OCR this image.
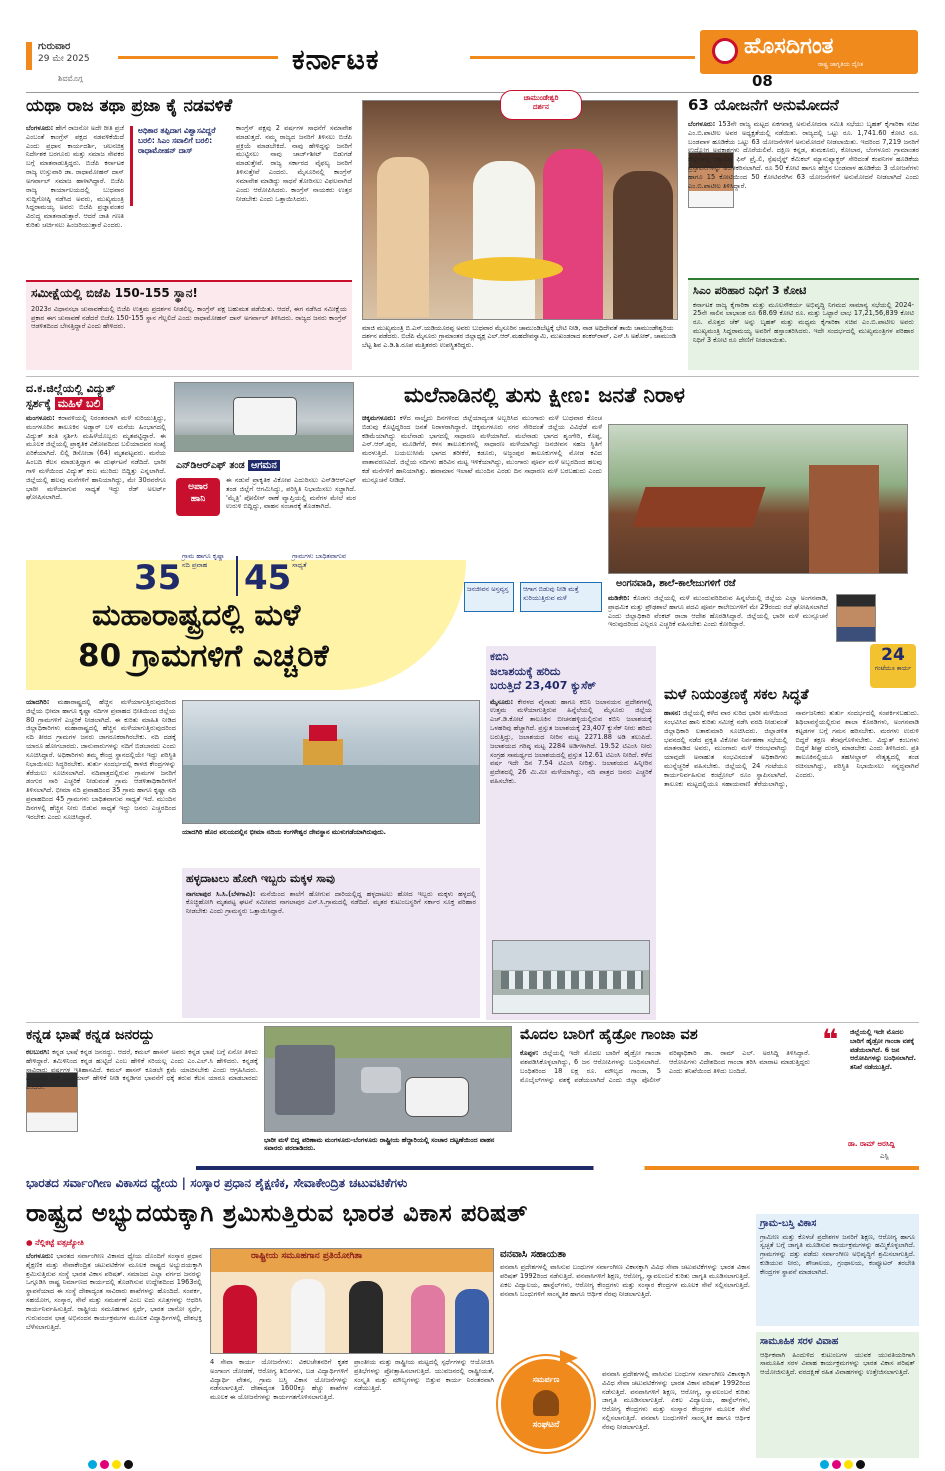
ಗುರುವಾರ
29 ಮೇ 2025
ಶಿವಮೊಗ್ಗ
ಕರ್ನಾಟಕ	ಹೊಸದಿಗಂತ
ರಾಷ್ಟ್ರ ಜಾಗೃತಿಯ ದೈನಿಕ
08
ಯಥಾ ರಾಜ ತಥಾ ಪ್ರಜಾ ಕೈ ನಡವಳಿಕೆ
ಬೆಂಗಳೂರು: ಹೇಗೆ ರಾಜನೋ ಅದೇ ರೀತಿ ಪ್ರಜೆ ಎಂಬಂತೆ ಕಾಂಗ್ರೆಸ್ ಪಕ್ಷದ ನಡವಳಿಕೆಯಿದೆ ಎಂದು ಪ್ರಧಾನ ಕಾರ್ಯದರ್ಶಿ, ಚಲನಚಿತ್ರ ನಿರ್ದೇಶಕ ಬರಗೂರು ಮತ್ತು ಸಮಾಜ ಸೇವಕರ ಬಗ್ಗೆ ಮಾತನಾಡುತ್ತಿದ್ದರು. ಬಿಜೆಪಿ ಕರ್ನಾಟಕ ರಾಜ್ಯ ಉಸ್ತುವಾರಿ ಡಾ. ರಾಧಾಮೋಹನ್ ದಾಸ್ ಅಗರ್ವಾಲ್ ಸಮಾಜ ಹಾಳಾಗಿದ್ದಾರೆ. ಬಿಜೆಪಿ ರಾಜ್ಯ ಕಾರ್ಯಾಲಯದಲ್ಲಿ ಬುಧವಾರ ಸುದ್ದಿಗೋಷ್ಠಿ ನಡೆಸಿದ ಅವರು, ಮುಖ್ಯಮಂತ್ರಿ ಸಿದ್ದರಾಮಯ್ಯ ಅವರು ಬಿಜೆಪಿ ಪ್ರಜ್ಞಾವಂತರ ವಿರುದ್ಧ ಮಾತನಾಡುತ್ತಾರೆ. ಆದರೆ ಜಾತಿ ಗಣತಿ ಕುರಿತು ಚರ್ಚಿಸಲು ಹಿಂಜರಿಯುತ್ತಾರೆ ಎಂದರು.
ಅಧಿಕಾರ ತಪ್ಪಿದಾಗ ವಿಶ್ವಾಸವಿದ್ದರೆ ಬರಲಿ: ಸಿಎಂ ಸವಾಲಿಗೆ ಬರಲಿ: ರಾಧಾಮೋಹನ್ ದಾಸ್
ಕಾಂಗ್ರೆಸ್ ಪಕ್ಷವು 2 ವರ್ಷಗಳ ಸಾಧನೆಗೆ ಸಮಾವೇಶ ಮಾಡುತ್ತದೆ. ನಮ್ಮ ರಾಜ್ಯದ ಜನರಿಗೆ ತಿಳಿಸಲು ಬಿಜೆಪಿ ಪ್ರಕ್ರಿಯೆ ಮಾಡಬೇಕಿದೆ. ನಾವು ಹೇಳಿದ್ದನ್ನು ಜನರಿಗೆ ಮುಟ್ಟಿಸಲು ನಾವು ಚಾರ್ಜ್‌ಶೀಟ್ ಬಿಡುಗಡೆ ಮಾಡುತ್ತೇವೆ. ರಾಜ್ಯ ಸರ್ಕಾರದ ವೈಫಲ್ಯ ಜನರಿಗೆ ತಿಳಿಸುತ್ತೇವೆ ಎಂದರು. ಮೈಸೂರಿನಲ್ಲಿ ಕಾಂಗ್ರೆಸ್ ಸಮಾವೇಶ ಮಾಡಿದ್ದು ಸಾಧನೆ ತೋರಿಸಲು ವಿಫಲವಾಗಿದೆ ಎಂದು ಆರೋಪಿಸಿದರು. ಕಾಂಗ್ರೆಸ್ ನಾಯಕರು ಉತ್ತರ ನೀಡಬೇಕು ಎಂದು ಒತ್ತಾಯಿಸಿದರು.
ಸಮೀಕ್ಷೆಯಲ್ಲಿ ಬಿಜೆಪಿ 150-155 ಸ್ಥಾನ!
2023ರ ವಿಧಾನಸಭಾ ಚುನಾವಣೆಯಲ್ಲಿ ಬಿಜೆಪಿ ಉತ್ತಮ ಪ್ರದರ್ಶನ ನೀಡಲಿಲ್ಲ. ಕಾಂಗ್ರೆಸ್ ಪಕ್ಷ ಬಹುಮತ ಪಡೆಯಿತು. ಆದರೆ, ಈಗ ನಡೆಸಿದ ಸಮೀಕ್ಷೆಯ ಪ್ರಕಾರ ಈಗ ಚುನಾವಣೆ ನಡೆದರೆ ಬಿಜೆಪಿ 150-155 ಸ್ಥಾನ ಗೆಲ್ಲಲಿದೆ ಎಂದು ರಾಧಾಮೋಹನ್ ದಾಸ್ ಅಗರ್ವಾಲ್ ತಿಳಿಸಿದರು. ರಾಜ್ಯದ ಜನರು ಕಾಂಗ್ರೆಸ್ ಆಡಳಿತದಿಂದ ಬೇಸತ್ತಿದ್ದಾರೆ ಎಂದು ಹೇಳಿದರು.
ಚಾಮುಂಡೇಶ್ವರಿ
ದರ್ಶನ
ಮಾಜಿ ಮುಖ್ಯಮಂತ್ರಿ ಬಿ.ಎಸ್.ಯಡಿಯೂರಪ್ಪ ಅವರು ಬುಧವಾರ ಮೈಸೂರಿನ ಚಾಮುಂಡಿಬೆಟ್ಟಕ್ಕೆ ಭೇಟಿ ನೀಡಿ, ನಾಡ ಅಧಿದೇವತೆ ತಾಯಿ ಚಾಮುಂಡೇಶ್ವರಿಯ ದರ್ಶನ ಪಡೆದರು. ಬಿಜೆಪಿ ಮೈಸೂರು ಗ್ರಾಮಾಂತರ ಜಿಲ್ಲಾಧ್ಯಕ್ಷ ಎಲ್.ಆರ್.ಮಹದೇವಸ್ವಾಮಿ, ಮುಖಂಡರಾದ ಶಂಕರ್‌ರಾವ್, ಎನ್.ಸಿ ಅಶೋಕ್, ಚಾಮುಂಡಿ ಬೆಟ್ಟ ಶಿವ ಎ.ಡಿ.ಶಿ.ರೂಪ ಮತ್ತಿತರರು ಉಪಸ್ಥಿತರಿದ್ದರು.
63 ಯೋಜನೆಗೆ ಅನುಮೋದನೆ
ಬೆಂಗಳೂರು: 153ನೇ ರಾಜ್ಯ ಮಟ್ಟದ ಏಕಗವಾಕ್ಷಿ ಅನುಮೋದನಾ ಸಮಿತಿ ಸಭೆಯು ಬೃಹತ್ ಕೈಗಾರಿಕಾ ಸಚಿವ ಎಂ.ಬಿ.ಪಾಟೀಲ ಅವರ ಅಧ್ಯಕ್ಷತೆಯಲ್ಲಿ ನಡೆಯಿತು. ರಾಜ್ಯದಲ್ಲಿ ಒಟ್ಟು ರೂ. 1,741.60 ಕೋಟಿ ರೂ. ಬಂಡವಾಳ ಹೂಡಿಕೆಯ ಒಟ್ಟು 63 ಯೋಜನೆಗಳಿಗೆ ಅನುಮೋದನೆ ನೀಡಲಾಯಿತು. ಇದರಿಂದ 7,219 ಜನರಿಗೆ ಉದ್ಯೋಗ ಅವಕಾಶಗಳು ದೊರೆಯಲಿವೆ. ದಕ್ಷಿಣ ಕನ್ನಡ, ತುಮಕೂರು, ಕೋಲಾರ, ಬೆಂಗಳೂರು ಗ್ರಾಮಾಂತರ ಜಿಲ್ಲೆಗಳಲ್ಲಿ ಆಕ್ಸಾಲಿಸ್ ಫಿನ್ ಪ್ರೈ.ಲಿ, ಸ್ಪೆಷಲೈಸ್ಡ್ ಕೆಮಿಕಲ್ ಮ್ಯಾನುಫ್ಯಾಕ್ಚರ್ ಸೇರಿದಂತೆ ಕಂಪನಿಗಳ ಹೂಡಿಕೆಯ ಪ್ರಸ್ತಾವನೆಗಳನ್ನು ಅಂಗೀಕರಿಸಲಾಗಿದೆ. ರೂ 50 ಕೋಟಿ ಹಾಗೂ ಹೆಚ್ಚಿನ ಬಂಡವಾಳ ಹೂಡಿಕೆಯ 3 ಯೋಜನೆಗಳು ಹಾಗೂ 15 ಕೋಟಿಯಿಂದ 50 ಕೋಟಿವರೆಗಿನ 63 ಯೋಜನೆಗಳಿಗೆ ಅನುಮೋದನೆ ನೀಡಲಾಗಿದೆ ಎಂದು ಎಂ.ಬಿ.ಪಾಟೀಲ ತಿಳಿಸಿದ್ದಾರೆ.
ಸಿಎಂ ಪರಿಹಾರ ನಿಧಿಗೆ 3 ಕೋಟಿ
ಕರ್ನಾಟಕ ರಾಜ್ಯ ಕೈಗಾರಿಕಾ ಮತ್ತು ಮೂಲಸೌಕರ್ಯ ಅಭಿವೃದ್ಧಿ ನಿಗಮದ ಸಾಮಾನ್ಯ ಸಭೆಯಲ್ಲಿ 2024-25ನೇ ಸಾಲಿನ ಲಾಭಾಂಶ ರೂ 68.69 ಕೋಟಿ ರೂ. ಮತ್ತು ಒಟ್ಟಾರೆ ಲಾಭ 17,21,56,839 ಕೋಟಿ ರೂ. ಮೊತ್ತದ ಚೆಕ್ ಅನ್ನು ಬೃಹತ್ ಮತ್ತು ಮಧ್ಯಮ ಕೈಗಾರಿಕಾ ಸಚಿವ ಎಂ.ಬಿ.ಪಾಟೀಲ ಅವರು ಮುಖ್ಯಮಂತ್ರಿ ಸಿದ್ದರಾಮಯ್ಯ ಅವರಿಗೆ ಹಸ್ತಾಂತರಿಸಿದರು. ಇದೇ ಸಂದರ್ಭದಲ್ಲಿ ಮುಖ್ಯಮಂತ್ರಿಗಳ ಪರಿಹಾರ ನಿಧಿಗೆ 3 ಕೋಟಿ ರೂ ದೇಣಿಗೆ ನೀಡಲಾಯಿತು.
ದ.ಕ.ಜಿಲ್ಲೆಯಲ್ಲಿ ವಿದ್ಯುತ್
ಸ್ಪರ್ಶಕ್ಕೆ ಮಹಿಳೆ ಬಲಿ
ಮಂಗಳೂರು: ಕರಾವಳಿಯಲ್ಲಿ ನಿರಂತರವಾಗಿ ಮಳೆ ಸುರಿಯುತ್ತಿದ್ದು, ಮಂಗಳೂರಿನ ತಾಲೂಕಿನ ಅಡ್ಯಾರ್ ಬಳಿ ಮನೆಯ ಹಿಂಭಾಗದಲ್ಲಿ ವಿದ್ಯುತ್ ತಂತಿ ಸ್ಪರ್ಶಿಸಿ ಮಹಿಳೆಯೊಬ್ಬರು ಮೃತಪಟ್ಟಿದ್ದಾರೆ. ಈ ಮೂಲಕ ಜಿಲ್ಲೆಯಲ್ಲಿ ಪ್ರಾಕೃತಿಕ ವಿಕೋಪದಿಂದ ಬಲಿಯಾದವರ ಸಂಖ್ಯೆ ಏರಿಕೆಯಾಗಿದೆ. ಲಿಲ್ಲಿ ಡಿಸೋಜಾ (64) ಮೃತಪಟ್ಟವರು. ಮನೆಯ ಹಿಂಬದಿ ಕೆಲಸ ಮಾಡುತ್ತಿದ್ದಾಗ ಈ ದುರ್ಘಟನೆ ನಡೆದಿದೆ. ಭಾರೀ ಗಾಳಿ ಮಳೆಯಿಂದ ವಿದ್ಯುತ್ ಕಂಬ ಮುರಿದು ಬಿದ್ದಿತ್ತು ಎನ್ನಲಾಗಿದೆ. ಜಿಲ್ಲೆಯಲ್ಲಿ ಹಲವು ಮನೆಗಳಿಗೆ ಹಾನಿಯಾಗಿದ್ದು, ಮೇ 30ರವರೆಗೂ ಭಾರೀ ಮಳೆಯಾಗುವ ಸಾಧ್ಯತೆ ಇದ್ದು ರೆಡ್ ಅಲರ್ಟ್ ಘೋಷಿಸಲಾಗಿದೆ.
ಎನ್‌ಡಿಆರ್‌ಎಫ್ ತಂಡ ಆಗಮನ
ಈ ನಡುವೆ ಪ್ರಾಕೃತಿಕ ವಿಕೋಪ ಎದುರಿಸಲು ಎನ್‌ಡಿಆರ್‌ಎಫ್ ತಂಡ ಜಿಲ್ಲೆಗೆ ಆಗಮಿಸಿದ್ದು, ಪರಿಸ್ಥಿತಿ ನಿಭಾಯಿಸಲು ಸಜ್ಜಾಗಿದೆ. 'ಮೈತ್ರಿ' ಪೋಲೀಸ್ ಠಾಣೆ ವ್ಯಾಪ್ತಿಯಲ್ಲಿ ಮನೆಗಳ ಮೇಲೆ ಮರ ಉರುಳಿ ಬಿದ್ದಿದ್ದು, ವಾಹನ ಸಂಚಾರಕ್ಕೆ ತೊಡಕಾಗಿದೆ.
ಅಪಾರ
ಹಾನಿ
ಮಲೆನಾಡಿನಲ್ಲಿ ತುಸು ಕ್ಷೀಣ: ಜನತೆ ನಿರಾಳ
ಚಿಕ್ಕಮಗಳೂರು: ಕಳೆದ ನಾಲ್ಕೈದು ದಿನಗಳಿಂದ ಜಿಲ್ಲೆಯಾದ್ಯಂತ ಅಬ್ಬರಿಸಿದ ಮುಂಗಾರು ಮಳೆ ಬುಧವಾರ ಕೊಂಚ ಬಿಡುವು ಕೊಟ್ಟಿದ್ದರಿಂದ ಜನತೆ ನಿರಾಳರಾಗಿದ್ದಾರೆ. ಚಿಕ್ಕಮಗಳೂರು ನಗರ ಸೇರಿದಂತೆ ಜಿಲ್ಲೆಯ ವಿವಿಧೆಡೆ ಮಳೆ ಕಡಿಮೆಯಾಗಿದ್ದು ಮಲೆನಾಡು ಭಾಗದಲ್ಲಿ ಸಾಧಾರಣ ಮಳೆಯಾಗಿದೆ. ಮಲೆನಾಡು ಭಾಗದ ಶೃಂಗೇರಿ, ಕೊಪ್ಪ, ಎನ್.ಆರ್.ಪುರ, ಮೂಡಿಗೆರೆ, ಕಳಸ ತಾಲೂಕುಗಳಲ್ಲಿ ಸಾಧಾರಣ ಮಳೆಯಾಗಿದ್ದು ಜನಜೀವನ ಸಹಜ ಸ್ಥಿತಿಗೆ ಮರಳುತ್ತಿದೆ. ಬಯಲುಸೀಮೆ ಭಾಗದ ತರೀಕೆರೆ, ಕಡೂರು, ಅಜ್ಜಂಪುರ ತಾಲೂಕುಗಳಲ್ಲಿ ಮೋಡ ಕವಿದ ವಾತಾವರಣವಿದೆ. ಜಿಲ್ಲೆಯ ನದಿಗಳು ಹರಿವಿನ ಮಟ್ಟ ಇಳಿಕೆಯಾಗಿದ್ದು, ಮುಂಗಾರು ಪೂರ್ವ ಮಳೆ ಅಬ್ಬರದಿಂದ ಹಲವು ಕಡೆ ಮನೆಗಳಿಗೆ ಹಾನಿಯಾಗಿತ್ತು. ಹವಾಮಾನ ಇಲಾಖೆ ಮುಂದಿನ ಎರಡು ದಿನ ಸಾಧಾರಣ ಮಳೆ ಬರಬಹುದು ಎಂದು ಮುನ್ಸೂಚನೆ ನೀಡಿದೆ.
ಅಂಗನವಾಡಿ, ಶಾಲೆ-ಕಾಲೇಜುಗಳಿಗೆ ರಜೆ
ಜನಜೀವನ ಅಸ್ತವ್ಯಸ್ತ	ಆಗಾಗ ಬಿಡುವು ನೀಡಿ ಮತ್ತೆ ಸುರಿಯುತ್ತಿರುವ ಮಳೆ	ಮಡಿಕೇರಿ: ಕೊಡಗು ಜಿಲ್ಲೆಯಲ್ಲಿ ಮಳೆ ಮುಂದುವರಿದಿರುವ ಹಿನ್ನಲೆಯಲ್ಲಿ ಜಿಲ್ಲೆಯ ಎಲ್ಲಾ ಅಂಗನವಾಡಿ, ಪ್ರಾಥಮಿಕ ಮತ್ತು ಪ್ರೌಢಶಾಲೆ ಹಾಗೂ ಪದವಿ ಪೂರ್ವ ಕಾಲೇಜುಗಳಿಗೆ ಮೇ 29ರಂದು ರಜೆ ಘೋಷಿಸಲಾಗಿದೆ ಎಂದು ಜಿಲ್ಲಾಧಿಕಾರಿ ವೆಂಕಟ್ ರಾಜಾ ಆದೇಶ ಹೊರಡಿಸಿದ್ದಾರೆ. ಜಿಲ್ಲೆಯಲ್ಲಿ ಭಾರೀ ಮಳೆ ಮುನ್ಸೂಚನೆ ಇರುವುದರಿಂದ ಎಲ್ಲರೂ ಎಚ್ಚರಿಕೆ ವಹಿಸಬೇಕು ಎಂದು ಕೋರಿದ್ದಾರೆ.
24
ಗಂಟೆಯೂ ಕಾರ್ಯ
35
ಗ್ರಾಮ ಹಾಗೂ ಕೃಷ್ಣಾ ನದಿ ಪ್ರವಾಹ	45
ಗ್ರಾಮಗಳು ಬಾಧಿತವಾಗುವ ಸಾಧ್ಯತೆ
ಮಹಾರಾಷ್ಟ್ರದಲ್ಲಿ ಮಳೆ
80 ಗ್ರಾಮಗಳಿಗೆ ಎಚ್ಚರಿಕೆ
ಯಾದಗಿರಿ: ಮಹಾರಾಷ್ಟ್ರದಲ್ಲಿ ಹೆಚ್ಚಿನ ಮಳೆಯಾಗುತ್ತಿರುವುದರಿಂದ ಜಿಲ್ಲೆಯ ಭೀಮಾ ಹಾಗೂ ಕೃಷ್ಣಾ ನದಿಗಳ ಪ್ರವಾಹದ ಭೀತಿಯಿಂದ ಜಿಲ್ಲೆಯ 80 ಗ್ರಾಮಗಳಿಗೆ ಎಚ್ಚರಿಕೆ ನೀಡಲಾಗಿದೆ. ಈ ಕುರಿತು ಮಾಹಿತಿ ನೀಡಿದ ಜಿಲ್ಲಾಧಿಕಾರಿಗಳು ಮಹಾರಾಷ್ಟ್ರದಲ್ಲಿ ಹೆಚ್ಚಿನ ಮಳೆಯಾಗುತ್ತಿರುವುದರಿಂದ ನದಿ ತೀರದ ಗ್ರಾಮಗಳ ಜನರು ಜಾಗರೂಕರಾಗಿರಬೇಕು. ನದಿ ದಡಕ್ಕೆ ಯಾರೂ ಹೋಗಬಾರದು. ಜಾನುವಾರುಗಳನ್ನು ನದಿಗೆ ಬಿಡಬಾರದು ಎಂದು ಸೂಚಿಸಿದ್ದಾರೆ. ಅಧಿಕಾರಿಗಳು ತಮ್ಮ ಕೇಂದ್ರ ಸ್ಥಾನದಲ್ಲಿಯೇ ಇದ್ದು ಪರಿಸ್ಥಿತಿ ನಿಭಾಯಿಸಲು ಸಿದ್ಧರಿರಬೇಕು. ತುರ್ತು ಸಂದರ್ಭದಲ್ಲಿ ಕಾಳಜಿ ಕೇಂದ್ರಗಳನ್ನು ತೆರೆಯಲು ಸೂಚಿಸಲಾಗಿದೆ. ನದಿಪಾತ್ರದಲ್ಲಿರುವ ಗ್ರಾಮಗಳ ಜನರಿಗೆ ಡಂಗುರ ಸಾರಿ ಎಚ್ಚರಿಕೆ ನೀಡುವಂತೆ ಗ್ರಾಮ ಆಡಳಿತಾಧಿಕಾರಿಗಳಿಗೆ ತಿಳಿಸಲಾಗಿದೆ. ಭೀಮಾ ನದಿ ಪ್ರವಾಹದಿಂದ 35 ಗ್ರಾಮ ಹಾಗೂ ಕೃಷ್ಣಾ ನದಿ ಪ್ರವಾಹದಿಂದ 45 ಗ್ರಾಮಗಳು ಬಾಧಿತವಾಗುವ ಸಾಧ್ಯತೆ ಇದೆ. ಮುಂದಿನ ದಿನಗಳಲ್ಲಿ ಹೆಚ್ಚಿನ ನೀರು ಬಿಡುವ ಸಾಧ್ಯತೆ ಇದ್ದು ಜನರು ಎಚ್ಚರದಿಂದ ಇರಬೇಕು ಎಂದು ಸೂಚಿಸಿದ್ದಾರೆ.
ಯಾದಗಿರಿ ಹೊರ ವಲಯದಲ್ಲಿನ ಭೀಮಾ ನದಿಯ ಕಂಗಳೇಶ್ವರ ದೇವಸ್ಥಾನ ಮುಳುಗಡೆಯಾಗಿರುವುದು.
ಹಳ್ಳದಾಟಲು ಹೋಗಿ ಇಬ್ಬರು ಮಕ್ಕಳ ಸಾವು
ನಾಗಲಾಪುರ ಸಿ.ಸಿ.(ಬೆಳಗಾವಿ): ಮನೆಯಿಂದ ಶಾಲೆಗೆ ಹೋಗುವ ದಾರಿಯಲ್ಲಿದ್ದ ಹಳ್ಳದಾಟಲು ಹೋದ ಇಬ್ಬರು ಮಕ್ಕಳು ಹಳ್ಳದಲ್ಲಿ ಕೊಚ್ಚಿಹೋಗಿ ಮೃತಪಟ್ಟ ಘಟನೆ ಸಮೀಪದ ನಾಗಲಾಪುರ ಎಸ್.ಸಿ.ಗ್ರಾಮದಲ್ಲಿ ನಡೆದಿದೆ. ಮೃತರ ಕುಟುಂಬಸ್ಥರಿಗೆ ಸರ್ಕಾರ ಸೂಕ್ತ ಪರಿಹಾರ ನೀಡಬೇಕು ಎಂದು ಗ್ರಾಮಸ್ಥರು ಒತ್ತಾಯಿಸಿದ್ದಾರೆ.
ಕಬಿನಿ
ಜಲಾಶಯಕ್ಕೆ ಹರಿದು
ಬರುತ್ತಿದೆ 23,407 ಕ್ಯುಸೆಕ್
ಮೈಸೂರು: ಕೇರಳದ ವೈನಾಡು ಹಾಗೂ ಕಬಿನಿ ಜಲಾನಯನ ಪ್ರದೇಶಗಳಲ್ಲಿ ಉತ್ತಮ ಮಳೆಯಾಗುತ್ತಿರುವ ಹಿನ್ನೆಲೆಯಲ್ಲಿ ಮೈಸೂರು ಜಿಲ್ಲೆಯ ಎಚ್.ಡಿ.ಕೋಟೆ ತಾಲೂಕಿನ ಬೀಚನಹಳ್ಳಿಯಲ್ಲಿರುವ ಕಬಿನಿ ಜಲಾಶಯಕ್ಕೆ ಒಳಹರಿವು ಹೆಚ್ಚಾಗಿದೆ. ಪ್ರಸ್ತುತ ಜಲಾಶಯಕ್ಕೆ 23,407 ಕ್ಯುಸೆಕ್ ನೀರು ಹರಿದು ಬರುತ್ತಿದ್ದು, ಜಲಾಶಯದ ನೀರಿನ ಮಟ್ಟ 2271.88 ಅಡಿ ತಲುಪಿದೆ. ಜಲಾಶಯದ ಗರಿಷ್ಠ ಮಟ್ಟ 2284 ಅಡಿಗಳಾಗಿದೆ. 19.52 ಟಿಎಂಸಿ ನೀರು ಸಂಗ್ರಹ ಸಾಮರ್ಥ್ಯದ ಜಲಾಶಯದಲ್ಲಿ ಪ್ರಸ್ತುತ 12.61 ಟಿಎಂಸಿ ನೀರಿದೆ. ಕಳೆದ ವರ್ಷ ಇದೇ ದಿನ 7.54 ಟಿಎಂಸಿ ನೀರಿತ್ತು. ಜಲಾಶಯದ ಹಿನ್ನೀರಿನ ಪ್ರದೇಶದಲ್ಲಿ 26 ಮಿ.ಮೀ ಮಳೆಯಾಗಿದ್ದು, ನದಿ ಪಾತ್ರದ ಜನರು ಎಚ್ಚರಿಕೆ ವಹಿಸಬೇಕು.
ಮಳೆ ನಿಯಂತ್ರಣಕ್ಕೆ ಸಕಲ ಸಿದ್ಧತೆ
ಹಾಸನ: ಜಿಲ್ಲೆಯಲ್ಲಿ ಕಳೆದ ವಾರ ಸುರಿದ ಭಾರೀ ಮಳೆಯಿಂದ ಸಂಭವಿಸಿದ ಹಾನಿ ಕುರಿತು ಸಮೀಕ್ಷೆ ನಡೆಸಿ ವರದಿ ನೀಡುವಂತೆ ಜಿಲ್ಲಾಧಿಕಾರಿ ಲತಾಕುಮಾರಿ ಸೂಚಿಸಿದರು. ಜಿಲ್ಲಾಡಳಿತ ಭವನದಲ್ಲಿ ನಡೆದ ಪ್ರಕೃತಿ ವಿಕೋಪ ನಿರ್ವಹಣಾ ಸಭೆಯಲ್ಲಿ ಮಾತನಾಡಿದ ಅವರು, ಮುಂಗಾರು ಮಳೆ ಆರಂಭವಾಗಿದ್ದು ಯಾವುದೇ ಅನಾಹುತ ಸಂಭವಿಸದಂತೆ ಅಧಿಕಾರಿಗಳು ಮುನ್ನೆಚ್ಚರಿಕೆ ವಹಿಸಬೇಕು. ಜಿಲ್ಲೆಯಲ್ಲಿ 24 ಗಂಟೆಯೂ ಕಾರ್ಯನಿರ್ವಹಿಸುವ ಕಂಟ್ರೋಲ್ ರೂಂ ಸ್ಥಾಪಿಸಲಾಗಿದೆ. ತಾಲೂಕು ಮಟ್ಟದಲ್ಲಿಯೂ ಸಹಾಯವಾಣಿ ತೆರೆಯಲಾಗಿದ್ದು, ಸಾರ್ವಜನಿಕರು ತುರ್ತು ಸಂದರ್ಭದಲ್ಲಿ ಸಂಪರ್ಕಿಸಬಹುದು. ಶಿಥಿಲಾವಸ್ಥೆಯಲ್ಲಿರುವ ಶಾಲಾ ಕೊಠಡಿಗಳು, ಅಂಗನವಾಡಿ ಕಟ್ಟಡಗಳ ಬಗ್ಗೆ ಗಮನ ಹರಿಸಬೇಕು. ಮರಗಳು ಉರುಳಿ ಬಿದ್ದರೆ ತಕ್ಷಣ ತೆರವುಗೊಳಿಸಬೇಕು. ವಿದ್ಯುತ್ ಕಂಬಗಳು ಬಿದ್ದರೆ ಶೀಘ್ರ ದುರಸ್ತಿ ಮಾಡಬೇಕು ಎಂದು ತಿಳಿಸಿದರು. ಪ್ರತಿ ತಾಲೂಕಿನಲ್ಲಿಯೂ ತಹಸೀಲ್ದಾರ್ ನೇತೃತ್ವದಲ್ಲಿ ತಂಡ ರಚಿಸಲಾಗಿದ್ದು, ಪರಿಸ್ಥಿತಿ ನಿಭಾಯಿಸಲು ಸನ್ನದ್ಧವಾಗಿವೆ ಎಂದರು.
ಕನ್ನಡ ಭಾಷೆ ಕನ್ನಡ ಜನರದ್ದು
ಕಲಬುರಗಿ: ಕನ್ನಡ ಭಾಷೆ ಕನ್ನಡ ಜನರದ್ದು. ಆದರೆ, ಕಮಲ್ ಹಾಸನ್ ಅವರು ಕನ್ನಡ ಭಾಷೆ ಬಗ್ಗೆ ಏನೋ ತಿಳಿದು ಹೇಳಿದ್ದಾರೆ. ತಮಿಳಿನಿಂದ ಕನ್ನಡ ಹುಟ್ಟಿದೆ ಎಂಬ ಹೇಳಿಕೆ ಸರಿಯಲ್ಲ ಎಂದು ಎಂ.ಎಲ್.ಸಿ ಹೇಳಿದರು. ಕನ್ನಡಕ್ಕೆ ಸಾವಿರಾರು ವರ್ಷಗಳ ಇತಿಹಾಸವಿದೆ. ಕಮಲ್ ಹಾಸನ್ ಕೂಡಲೇ ಕ್ಷಮೆ ಯಾಚಿಸಬೇಕು ಎಂದು ಆಗ್ರಹಿಸಿದರು. ಎಂಎಲ್‌ಸಿ ಎನ್.ರವಿಕುಮಾರ್ ಹೇಳಿಕೆ ನೀಡಿ ಕನ್ನಡಿಗರ ಭಾವನೆಗೆ ಧಕ್ಕೆ ತರುವ ಕೆಲಸ ಯಾರೂ ಮಾಡಬಾರದು ಎಂದರು.
ಭಾರೀ ಮಳೆ ಬಿದ್ದ ಪರಿಣಾಮ ಮಂಗಳೂರು-ಬೆಂಗಳೂರು ರಾಷ್ಟ್ರೀಯ ಹೆದ್ದಾರಿಯಲ್ಲಿ ಸಂಚಾರ ದಟ್ಟಣೆಯಿಂದ ವಾಹನ ಸವಾರರು ಪರದಾಡಿದರು.
ಮೊದಲ ಬಾರಿಗೆ ಹೈಡ್ರೋ ಗಾಂಜಾ ವಶ
ಕೊಪ್ಪಳ: ಜಿಲ್ಲೆಯಲ್ಲಿ ಇದೇ ಮೊದಲ ಬಾರಿಗೆ ಹೈಡ್ರೋ ಗಾಂಜಾ ವಶಪಡಿಸಿಕೊಳ್ಳಲಾಗಿದ್ದು, 6 ಜನ ಆರೋಪಿಗಳನ್ನು ಬಂಧಿಸಲಾಗಿದೆ. ಬಂಧಿತರಿಂದ 18 ಲಕ್ಷ ರೂ. ಮೌಲ್ಯದ ಗಾಂಜಾ, 5 ಮೊಬೈಲ್‌ಗಳನ್ನು ವಶಕ್ಕೆ ಪಡೆಯಲಾಗಿದೆ ಎಂದು ಜಿಲ್ಲಾ ಪೊಲೀಸ್ ವರಿಷ್ಠಾಧಿಕಾರಿ ಡಾ. ರಾಮ್ ಎಲ್. ಅರಸಿದ್ದಿ ತಿಳಿಸಿದ್ದಾರೆ. ಆರೋಪಿಗಳು ವಿದೇಶದಿಂದ ಗಾಂಜಾ ತರಿಸಿ ಮಾರಾಟ ಮಾಡುತ್ತಿದ್ದರು ಎಂದು ತನಿಖೆಯಿಂದ ತಿಳಿದು ಬಂದಿದೆ.
❝ ಜಿಲ್ಲೆಯಲ್ಲಿ ಇದೇ ಮೊದಲ ಬಾರಿಗೆ ಹೈಡ್ರೋ ಗಾಂಜಾ ವಶಕ್ಕೆ ಪಡೆಯಲಾಗಿದೆ. 6 ಜನ ಆರೋಪಿಗಳನ್ನು ಬಂಧಿಸಲಾಗಿದೆ. ತನಿಖೆ ನಡೆಯುತ್ತಿದೆ.
ಡಾ. ರಾಮ್ ಅರಸಿದ್ದಿ
ಎಸ್ಪಿ
ಭಾರತದ ಸರ್ವಾಂಗೀಣ ವಿಕಾಸದ ಧ್ಯೇಯ | ಸಂಸ್ಕಾರ ಪ್ರಧಾನ ಶೈಕ್ಷಣಿಕ, ಸೇವಾಕೇಂದ್ರಿತ ಚಟುವಟಿಕೆಗಳು
ರಾಷ್ಟ್ರದ ಅಭ್ಯುದಯಕ್ಕಾಗಿ ಶ್ರಮಿಸುತ್ತಿರುವ ಭಾರತ ವಿಕಾಸ ಪರಿಷತ್
● ನೆಲ್ಲಿಕಟ್ಟೆ ವತ್ಸಜ್ಯೋತಿ
ಬೆಂಗಳೂರು: ಭಾರತದ ಸರ್ವಾಂಗೀಣ ವಿಕಾಸದ ಧ್ಯೇಯ ದೊಂದಿಗೆ ಸಂಸ್ಕಾರ ಪ್ರಧಾನ ಶೈಕ್ಷಣಿಕ ಮತ್ತು ಸೇವಾಕೇಂದ್ರಿತ ಚಟುವಟಿಕೆಗಳ ಮೂಲಕ ರಾಷ್ಟ್ರದ ಅಭ್ಯುದಯಕ್ಕಾಗಿ ಶ್ರಮಿಸುತ್ತಿರುವ ಸಂಸ್ಥೆ ಭಾರತ ವಿಕಾಸ ಪರಿಷತ್. ಸಮಾಜದ ಎಲ್ಲಾ ವರ್ಗದ ಜನರನ್ನು ಒಗ್ಗೂಡಿಸಿ ರಾಷ್ಟ್ರ ನಿರ್ಮಾಣದ ಕಾರ್ಯದಲ್ಲಿ ತೊಡಗಿಸುವ ಉದ್ದೇಶದಿಂದ 1963ರಲ್ಲಿ ಸ್ಥಾಪನೆಯಾದ ಈ ಸಂಸ್ಥೆ ದೇಶಾದ್ಯಂತ ಸಾವಿರಾರು ಶಾಖೆಗಳನ್ನು ಹೊಂದಿದೆ. ಸಂಪರ್ಕ, ಸಹಯೋಗ, ಸಂಸ್ಕಾರ, ಸೇವೆ ಮತ್ತು ಸಮರ್ಪಣೆ ಎಂಬ ಐದು ಸೂತ್ರಗಳನ್ನು ಆಧರಿಸಿ ಕಾರ್ಯನಿರ್ವಹಿಸುತ್ತಿದೆ. ರಾಷ್ಟ್ರೀಯ ಸಮೂಹಗಾನ ಸ್ಪರ್ಧೆ, ಭಾರತ ಜಾನೋ ಸ್ಪರ್ಧೆ, ಗುರುವಂದನ ಛಾತ್ರ ಅಭಿನಂದನ ಕಾರ್ಯಕ್ರಮಗಳ ಮೂಲಕ ವಿದ್ಯಾರ್ಥಿಗಳಲ್ಲಿ ದೇಶಭಕ್ತಿ ಬೆಳೆಸಲಾಗುತ್ತಿದೆ.
ರಾಷ್ಟ್ರೀಯ ಸಮೂಹಗಾನ ಪ್ರತಿಯೋಗಿತಾ
4 ಸೇವಾ ಕಾರ್ಯ ಯೋಜನೆಗಳು: ವಿಕಲಚೇತನರಿಗೆ ಕೃತಕ ಅಂಗಾಂಗ ಜೋಡಣೆ, ಆರೋಗ್ಯ ಶಿಬಿರಗಳು, ಬಡ ವಿದ್ಯಾರ್ಥಿಗಳಿಗೆ ವಿದ್ಯಾರ್ಥಿ ವೇತನ, ಗ್ರಾಮ ಬಸ್ತಿ ವಿಕಾಸ ಯೋಜನೆಗಳನ್ನು ನಡೆಸಲಾಗುತ್ತಿದೆ. ದೇಶಾದ್ಯಂತ 1600ಕ್ಕೂ ಹೆಚ್ಚು ಶಾಖೆಗಳ ಮೂಲಕ ಈ ಯೋಜನೆಗಳನ್ನು ಕಾರ್ಯಗತಗೊಳಿಸಲಾಗುತ್ತಿದೆ.
ಪ್ರಾಂತೀಯ ಮತ್ತು ರಾಷ್ಟ್ರೀಯ ಮಟ್ಟದಲ್ಲಿ ಸ್ಪರ್ಧೆಗಳನ್ನು ಆಯೋಜಿಸಿ ಪ್ರತಿಭೆಗಳನ್ನು ಪ್ರೋತ್ಸಾಹಿಸಲಾಗುತ್ತಿದೆ. ಯುವಜನರಲ್ಲಿ ರಾಷ್ಟ್ರೀಯತೆ, ಸಂಸ್ಕೃತಿ ಮತ್ತು ಮೌಲ್ಯಗಳನ್ನು ಬಿತ್ತುವ ಕಾರ್ಯ ನಿರಂತರವಾಗಿ ನಡೆಯುತ್ತಿದೆ.
ಸಮರ್ಪಣ
ಸಂಘಟನೆ
ವನವಾಸಿ ಸಹಾಯತಾ
ವನವಾಸಿ ಪ್ರದೇಶಗಳಲ್ಲಿ ವಾಸಿಸುವ ಬಂಧುಗಳ ಸರ್ವಾಂಗೀಣ ವಿಕಾಸಕ್ಕಾಗಿ ವಿವಿಧ ಸೇವಾ ಚಟುವಟಿಕೆಗಳನ್ನು ಭಾರತ ವಿಕಾಸ ಪರಿಷತ್ 1992ರಿಂದ ನಡೆಸುತ್ತಿದೆ. ವನವಾಸಿಗಳಿಗೆ ಶಿಕ್ಷಣ, ಆರೋಗ್ಯ, ಸ್ವಾವಲಂಬನೆ ಕುರಿತು ಜಾಗೃತಿ ಮೂಡಿಸಲಾಗುತ್ತಿದೆ. ಏಕಲ ವಿದ್ಯಾಲಯ, ಹಾಸ್ಟೆಲ್‌ಗಳು, ಆರೋಗ್ಯ ಕೇಂದ್ರಗಳು ಮತ್ತು ಸಂಸ್ಕಾರ ಕೇಂದ್ರಗಳ ಮೂಲಕ ಸೇವೆ ಸಲ್ಲಿಸಲಾಗುತ್ತಿದೆ. ವನವಾಸಿ ಬಂಧುಗಳಿಗೆ ಸಾಂಸ್ಕೃತಿಕ ಹಾಗೂ ಆರ್ಥಿಕ ನೆರವು ನೀಡಲಾಗುತ್ತಿದೆ.
ವನವಾಸಿ ಪ್ರದೇಶಗಳಲ್ಲಿ ವಾಸಿಸುವ ಬಂಧುಗಳ ಸರ್ವಾಂಗೀಣ ವಿಕಾಸಕ್ಕಾಗಿ ವಿವಿಧ ಸೇವಾ ಚಟುವಟಿಕೆಗಳನ್ನು ಭಾರತ ವಿಕಾಸ ಪರಿಷತ್ 1992ರಿಂದ ನಡೆಸುತ್ತಿದೆ. ವನವಾಸಿಗಳಿಗೆ ಶಿಕ್ಷಣ, ಆರೋಗ್ಯ, ಸ್ವಾವಲಂಬನೆ ಕುರಿತು ಜಾಗೃತಿ ಮೂಡಿಸಲಾಗುತ್ತಿದೆ. ಏಕಲ ವಿದ್ಯಾಲಯ, ಹಾಸ್ಟೆಲ್‌ಗಳು, ಆರೋಗ್ಯ ಕೇಂದ್ರಗಳು ಮತ್ತು ಸಂಸ್ಕಾರ ಕೇಂದ್ರಗಳ ಮೂಲಕ ಸೇವೆ ಸಲ್ಲಿಸಲಾಗುತ್ತಿದೆ. ವನವಾಸಿ ಬಂಧುಗಳಿಗೆ ಸಾಂಸ್ಕೃತಿಕ ಹಾಗೂ ಆರ್ಥಿಕ ನೆರವು ನೀಡಲಾಗುತ್ತಿದೆ.
ಗ್ರಾಮ-ಬಸ್ತಿ ವಿಕಾಸ
ಗ್ರಾಮೀಣ ಮತ್ತು ಕೊಳಚೆ ಪ್ರದೇಶಗಳ ಜನರಿಗೆ ಶಿಕ್ಷಣ, ಆರೋಗ್ಯ ಹಾಗೂ ಸ್ವಚ್ಛತೆ ಬಗ್ಗೆ ಜಾಗೃತಿ ಮೂಡಿಸುವ ಕಾರ್ಯಕ್ರಮಗಳನ್ನು ಹಮ್ಮಿಕೊಳ್ಳಲಾಗಿದೆ. ಗ್ರಾಮಗಳನ್ನು ದತ್ತು ಪಡೆದು ಸರ್ವಾಂಗೀಣ ಅಭಿವೃದ್ಧಿಗೆ ಶ್ರಮಿಸಲಾಗುತ್ತಿದೆ. ಕುಡಿಯುವ ನೀರು, ಶೌಚಾಲಯ, ಗ್ರಂಥಾಲಯ, ಕಂಪ್ಯೂಟರ್ ತರಬೇತಿ ಕೇಂದ್ರಗಳ ಸ್ಥಾಪನೆ ಮಾಡಲಾಗಿದೆ.
ಸಾಮೂಹಿಕ ಸರಳ ವಿವಾಹ
ಆರ್ಥಿಕವಾಗಿ ಹಿಂದುಳಿದ ಕುಟುಂಬಗಳ ಯುವಕ ಯುವತಿಯರಿಗಾಗಿ ಸಾಮೂಹಿಕ ಸರಳ ವಿವಾಹ ಕಾರ್ಯಕ್ರಮಗಳನ್ನು ಭಾರತ ವಿಕಾಸ ಪರಿಷತ್ ಆಯೋಜಿಸುತ್ತಿದೆ. ವರದಕ್ಷಿಣೆ ರಹಿತ ವಿವಾಹಗಳನ್ನು ಉತ್ತೇಜಿಸಲಾಗುತ್ತಿದೆ.
